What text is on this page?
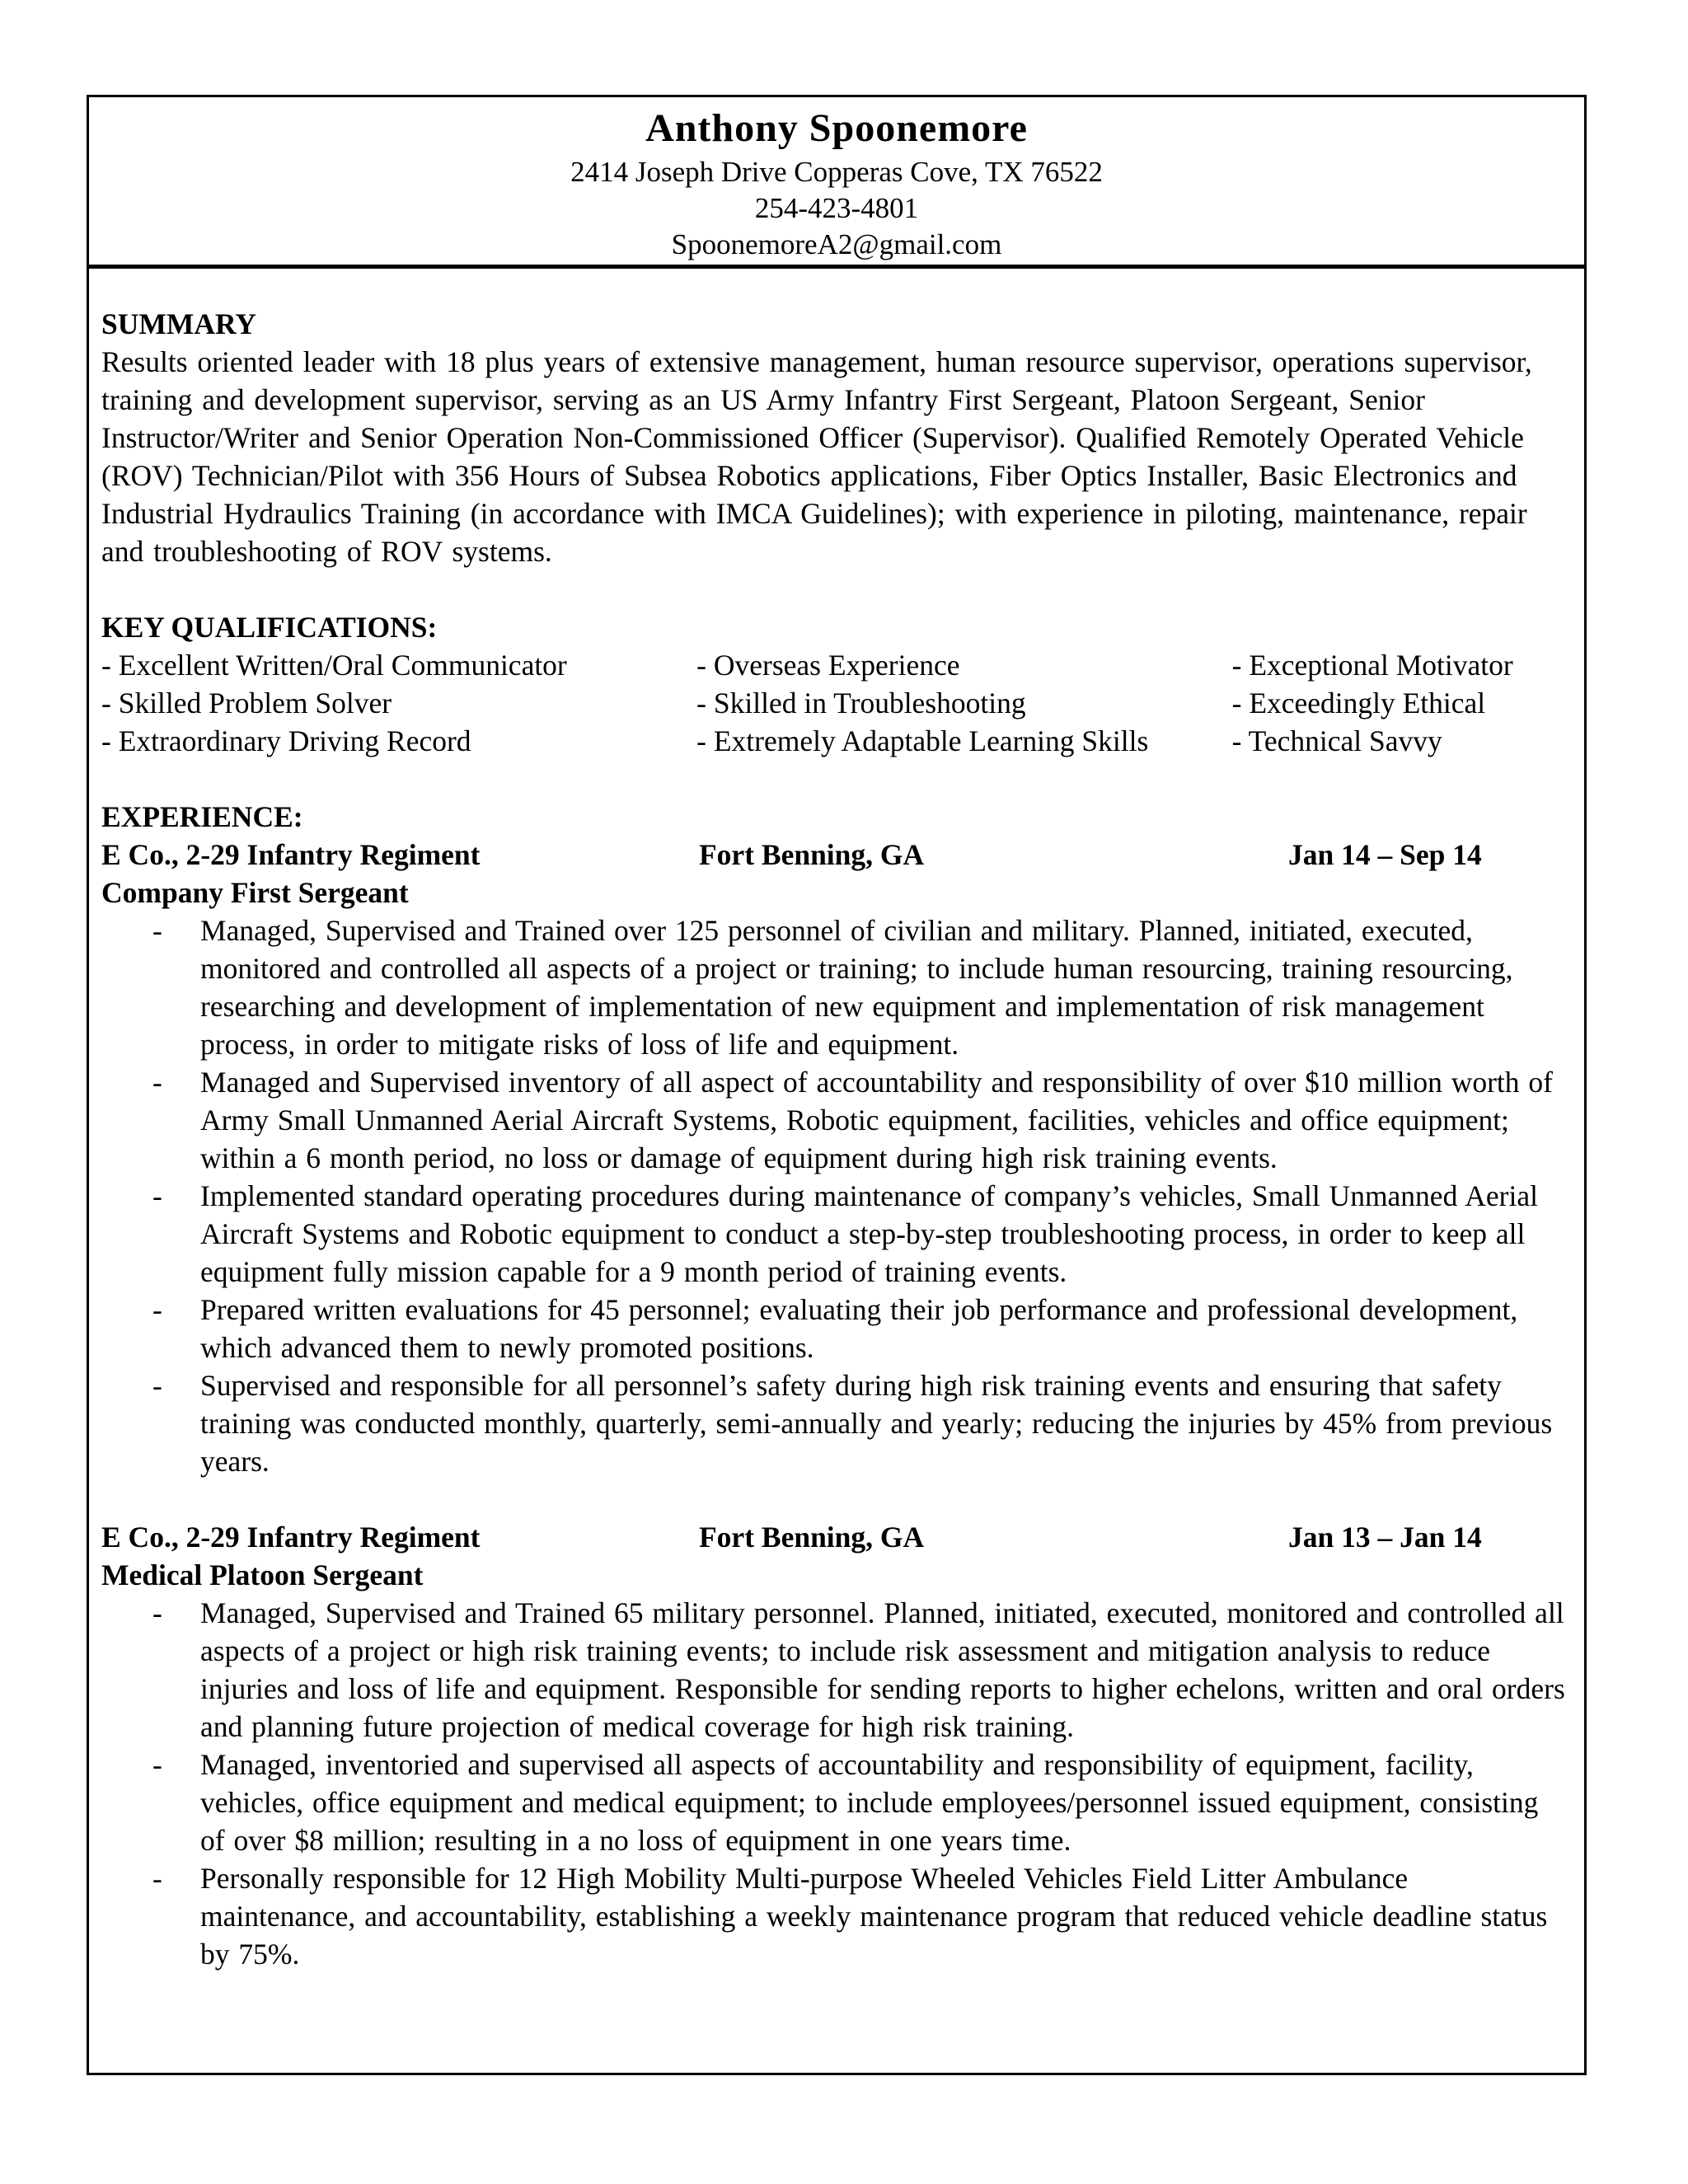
Anthony Spoonemore
2414 Joseph Drive Copperas Cove, TX 76522
254-423-4801
SpoonemoreA2@gmail.com
SUMMARY

Results oriented leader with 18 plus years of extensive management, human resource supervisor, operations supervisor, training and development supervisor, serving as an US Army Infantry First Sergeant, Platoon Sergeant, Senior Instructor/Writer and Senior Operation Non-Commissioned Officer (Supervisor). Qualified Remotely Operated Vehicle (ROV) Technician/Pilot with 356 Hours of Subsea Robotics applications, Fiber Optics Installer, Basic Electronics and Industrial Hydraulics Training (in accordance with IMCA Guidelines); with experience in piloting, maintenance, repair and troubleshooting of ROV systems.

KEY QUALIFICATIONS:
- Excellent Written/Oral Communicator	- Overseas Experience	- Exceptional Motivator
- Skilled Problem Solver	- Skilled in Troubleshooting	- Exceedingly Ethical
- Extraordinary Driving Record	- Extremely Adaptable Learning Skills	- Technical Savvy
EXPERIENCE:
E Co., 2-29 Infantry Regiment	Fort Benning, GA	Jan 14 – Sep 14
Company First Sergeant
- Managed, Supervised and Trained over 125 personnel of civilian and military. Planned, initiated, executed, monitored and controlled all aspects of a project or training; to include human resourcing, training resourcing, researching and development of implementation of new equipment and implementation of risk management process, in order to mitigate risks of loss of life and equipment.
- Managed and Supervised inventory of all aspect of accountability and responsibility of over $10 million worth of Army Small Unmanned Aerial Aircraft Systems, Robotic equipment, facilities, vehicles and office equipment; within a 6 month period, no loss or damage of equipment during high risk training events.
- Implemented standard operating procedures during maintenance of company’s vehicles, Small Unmanned Aerial Aircraft Systems and Robotic equipment to conduct a step-by-step troubleshooting process, in order to keep all equipment fully mission capable for a 9 month period of training events.
- Prepared written evaluations for 45 personnel; evaluating their job performance and professional development, which advanced them to newly promoted positions.
- Supervised and responsible for all personnel’s safety during high risk training events and ensuring that safety training was conducted monthly, quarterly, semi-annually and yearly; reducing the injuries by 45% from previous years.
E Co., 2-29 Infantry Regiment	Fort Benning, GA	Jan 13 – Jan 14
Medical Platoon Sergeant
- Managed, Supervised and Trained 65 military personnel. Planned, initiated, executed, monitored and controlled all aspects of a project or high risk training events; to include risk assessment and mitigation analysis to reduce injuries and loss of life and equipment. Responsible for sending reports to higher echelons, written and oral orders and planning future projection of medical coverage for high risk training.
- Managed, inventoried and supervised all aspects of accountability and responsibility of equipment, facility, vehicles, office equipment and medical equipment; to include employees/personnel issued equipment, consisting of over $8 million; resulting in a no loss of equipment in one years time.
- Personally responsible for 12 High Mobility Multi-purpose Wheeled Vehicles Field Litter Ambulance maintenance, and accountability, establishing a weekly maintenance program that reduced vehicle deadline status by 75%.
